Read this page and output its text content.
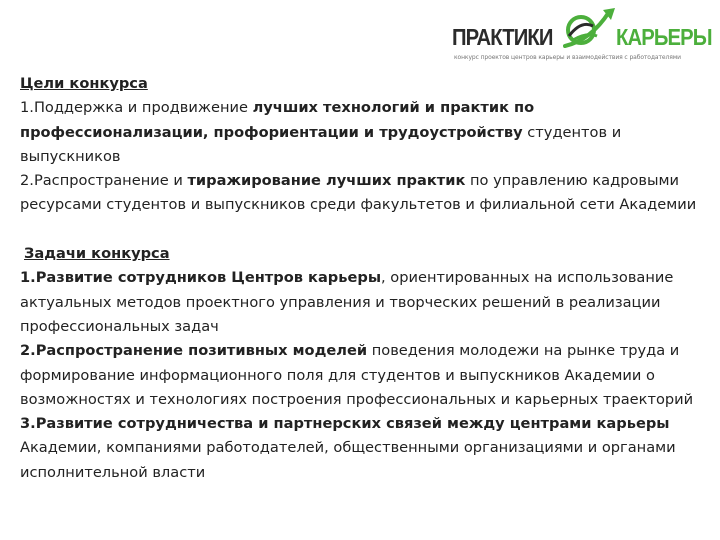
ПРАКТИКИ	КАРЬЕРЫ
конкурс проектов центров карьеры и взаимодействия с работодателями
Цели конкурса

1.Поддержка и продвижение лучших технологий и практик по профессионализации, профориентации и трудоустройству студентов и выпускников

2.Распространение и тиражирование лучших практик по управлению кадровыми ресурсами студентов и выпускников среди факультетов и филиальной сети Академии

Задачи конкурса

1.Развитие сотрудников Центров карьеры, ориентированных на использование актуальных методов проектного управления и творческих решений в реализации профессиональных задач

2.Распространение позитивных моделей поведения молодежи на рынке труда и формирование информационного поля для студентов и выпускников Академии о возможностях и технологиях построения профессиональных и карьерных траекторий

3.Развитие сотрудничества и партнерских связей между центрами карьеры Академии, компаниями работодателей, общественными организациями и органами исполнительной власти
